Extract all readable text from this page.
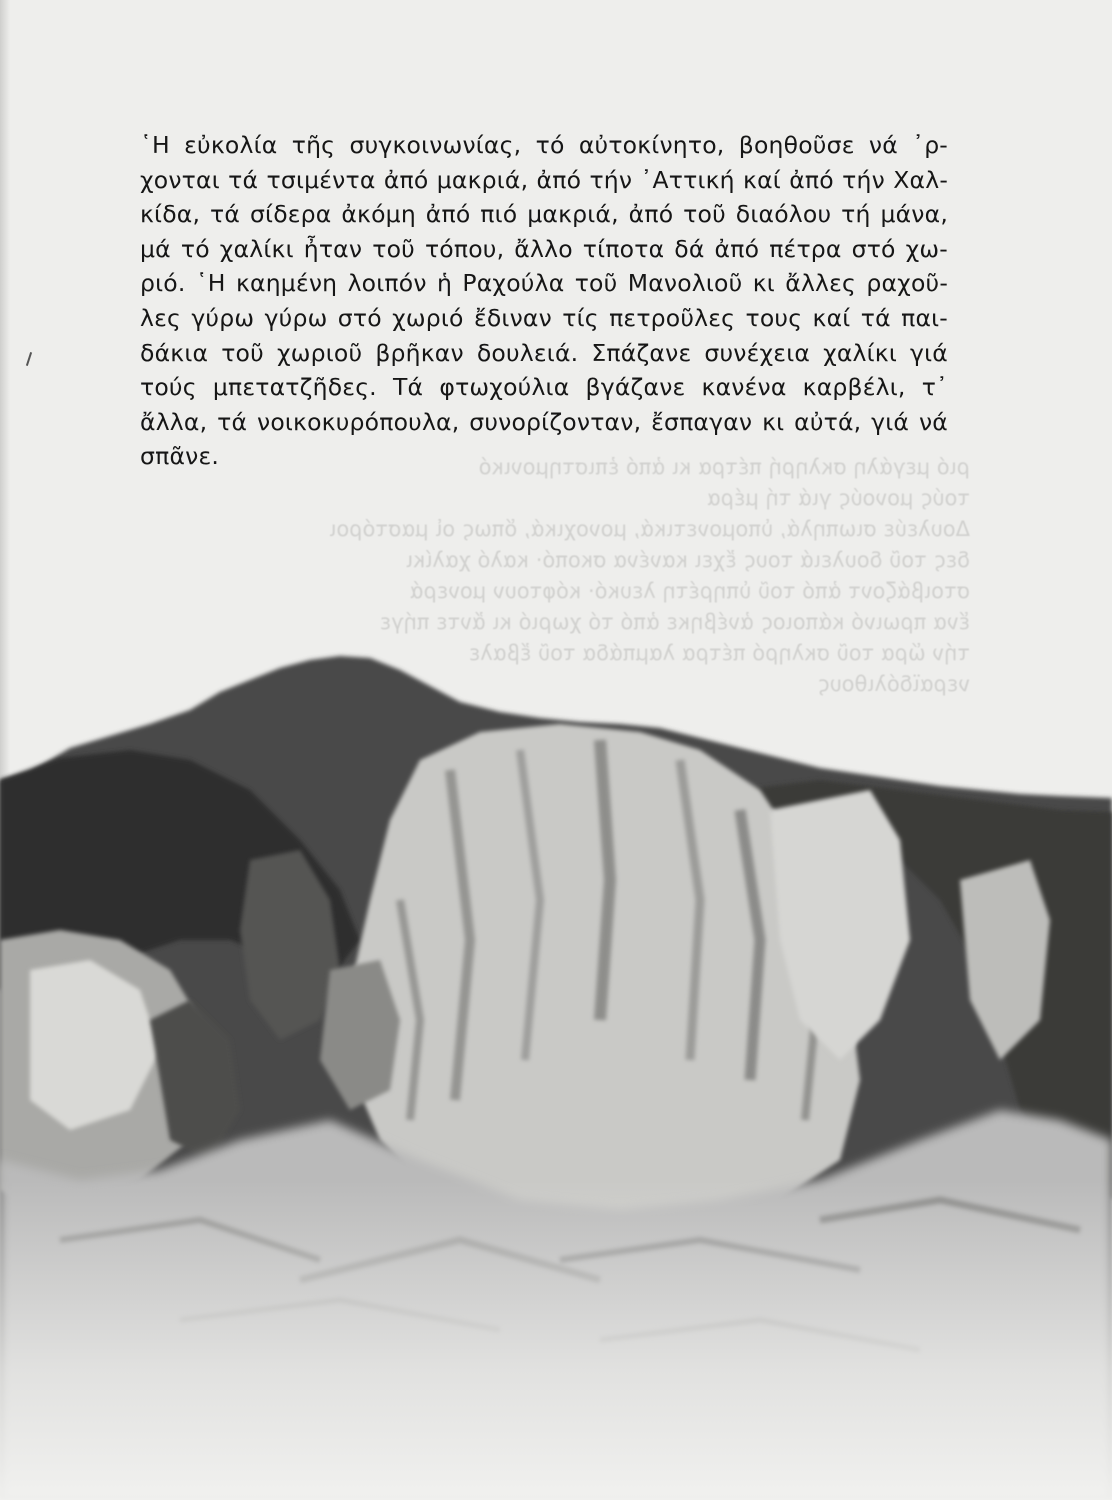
ριό μεγάλη σκληρή πέτρα κι ἀπό ἐπιστημονικό
τούς μονούς γιά τή μέρα
Δουλεύε σιωπηλά, ὑπομονετικά, μονοχικά, ὅπως οἱ μαστόροι
δες τοῦ δουλειά τους ἔχει κανένα σκοπό· καλό χαλίκι
στοιβάζοντ ἀπό τοῦ ὑπηρέτη λευκό· κόφτουν μονερά
ἕνα πρωινό κάποιος ἀνέβηκε ἀπό τό χωριό κι ἄντε πήγε
τήν ὥρα τοῦ σκληρό πέτρα λαμπάδα τοῦ ἔβαλε
νεραϊδόλιθους
῾Η εὐκολία τῆς συγκοινωνίας, τό αὐτοκίνητο, βοηθοῦσε νά ᾿ρ-
χονται τά τσιμέντα ἀπό μακριά, ἀπό τήν ᾿Αττική καί ἀπό τήν Χαλ-
κίδα, τά σίδερα ἀκόμη ἀπό πιό μακριά, ἀπό τοῦ διαόλου τή μάνα,
μά τό χαλίκι ἦταν τοῦ τόπου, ἄλλο τίποτα δά ἀπό πέτρα στό χω-
ριό. ῾Η καημένη λοιπόν ἡ Ραχούλα τοῦ Μανολιοῦ κι ἄλλες ραχοῦ-
λες γύρω γύρω στό χωριό ἔδιναν τίς πετροῦλες τους καί τά παι-
δάκια τοῦ χωριοῦ βρῆκαν δουλειά. Σπάζανε συνέχεια χαλίκι γιά
τούς μπετατζῆδες. Τά φτωχούλια βγάζανε κανένα καρβέλι, τ᾿
ἄλλα, τά νοικοκυρόπουλα, συνορίζονταν, ἔσπαγαν κι αὐτά, γιά νά
σπᾶνε.
